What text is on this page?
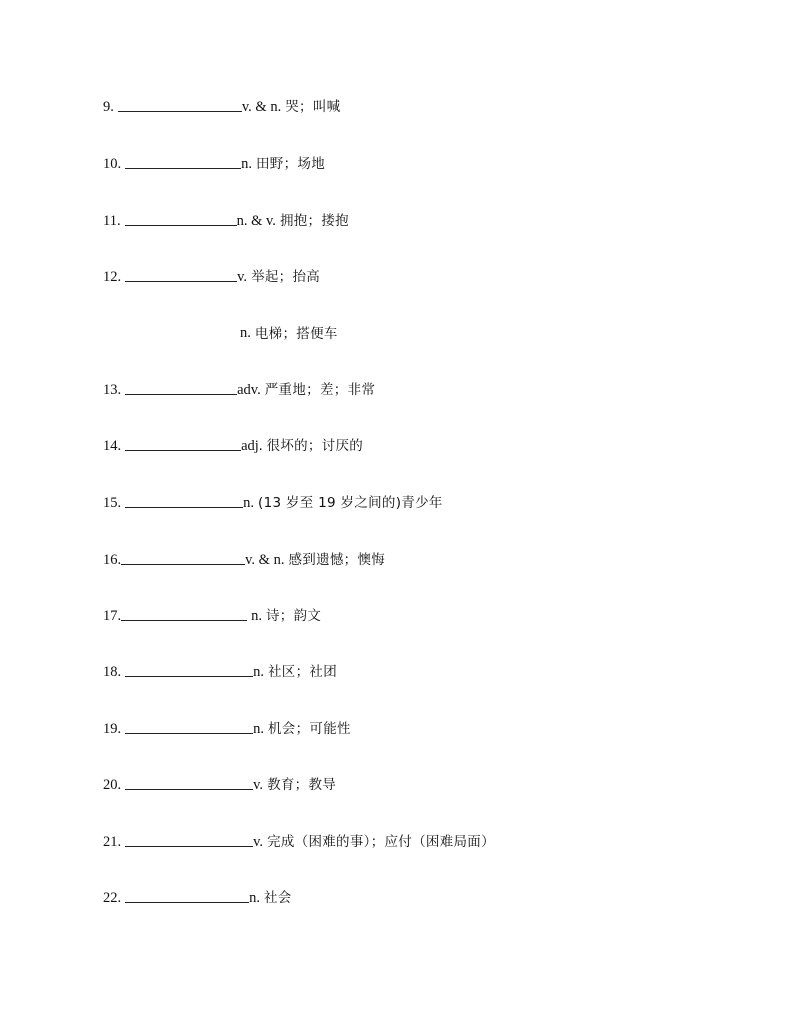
9.	v. & n. 哭；叫喊
10.	n. 田野；场地
11.	n. & v. 拥抱；搂抱
12.	v. 举起；抬高
n. 电梯；搭便车
13.	adv. 严重地；差；非常
14.	adj. 很坏的；讨厌的
15.	n. (13 岁至 19 岁之间的)青少年
16.	v. & n. 感到遗憾；懊悔
17.	n. 诗；韵文
18.	n. 社区；社团
19.	n. 机会；可能性
20.	v. 教育；教导
21.	v. 完成（困难的事）；应付（困难局面）
22.	n. 社会
